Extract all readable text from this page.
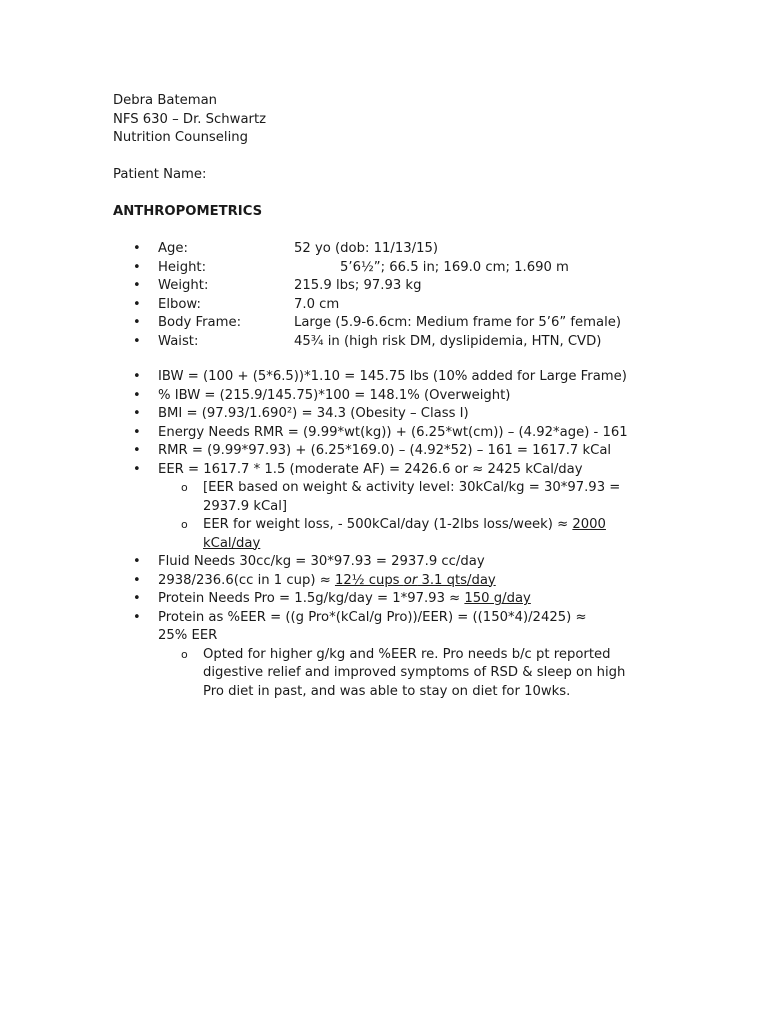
Debra Bateman
NFS 630 – Dr. Schwartz
Nutrition Counseling
Patient Name:
ANTHROPOMETRICS
• Age:	52 yo (dob: 11/13/15)
• Height:	5’6½”; 66.5 in; 169.0 cm; 1.690 m
• Weight:	215.9 lbs; 97.93 kg
• Elbow:	7.0 cm
• Body Frame:	Large (5.9-6.6cm: Medium frame for 5’6” female)
• Waist:	45¾ in (high risk DM, dyslipidemia, HTN, CVD)
• IBW = (100 + (5*6.5))*1.10 = 145.75 lbs (10% added for Large Frame)
• % IBW = (215.9/145.75)*100 = 148.1% (Overweight)
• BMI = (97.93/1.690²) = 34.3 (Obesity – Class I)
• Energy Needs RMR = (9.99*wt(kg)) + (6.25*wt(cm)) – (4.92*age) - 161
• RMR = (9.99*97.93) + (6.25*169.0) – (4.92*52) – 161 = 1617.7 kCal
• EER = 1617.7 * 1.5 (moderate AF) = 2426.6 or ≈ 2425 kCal/day
o [EER based on weight & activity level: 30kCal/kg = 30*97.93 = 2937.9 kCal]
o EER for weight loss, - 500kCal/day (1-2lbs loss/week) ≈ 2000 kCal/day
• Fluid Needs 30cc/kg = 30*97.93 = 2937.9 cc/day
• 2938/236.6(cc in 1 cup) ≈ 12½ cups or 3.1 qts/day
• Protein Needs Pro = 1.5g/kg/day = 1*97.93 ≈ 150 g/day
• Protein as %EER = ((g Pro*(kCal/g Pro))/EER) = ((150*4)/2425) ≈ 25% EER
o Opted for higher g/kg and %EER re. Pro needs b/c pt reported digestive relief and improved symptoms of RSD & sleep on high Pro diet in past, and was able to stay on diet for 10wks.
